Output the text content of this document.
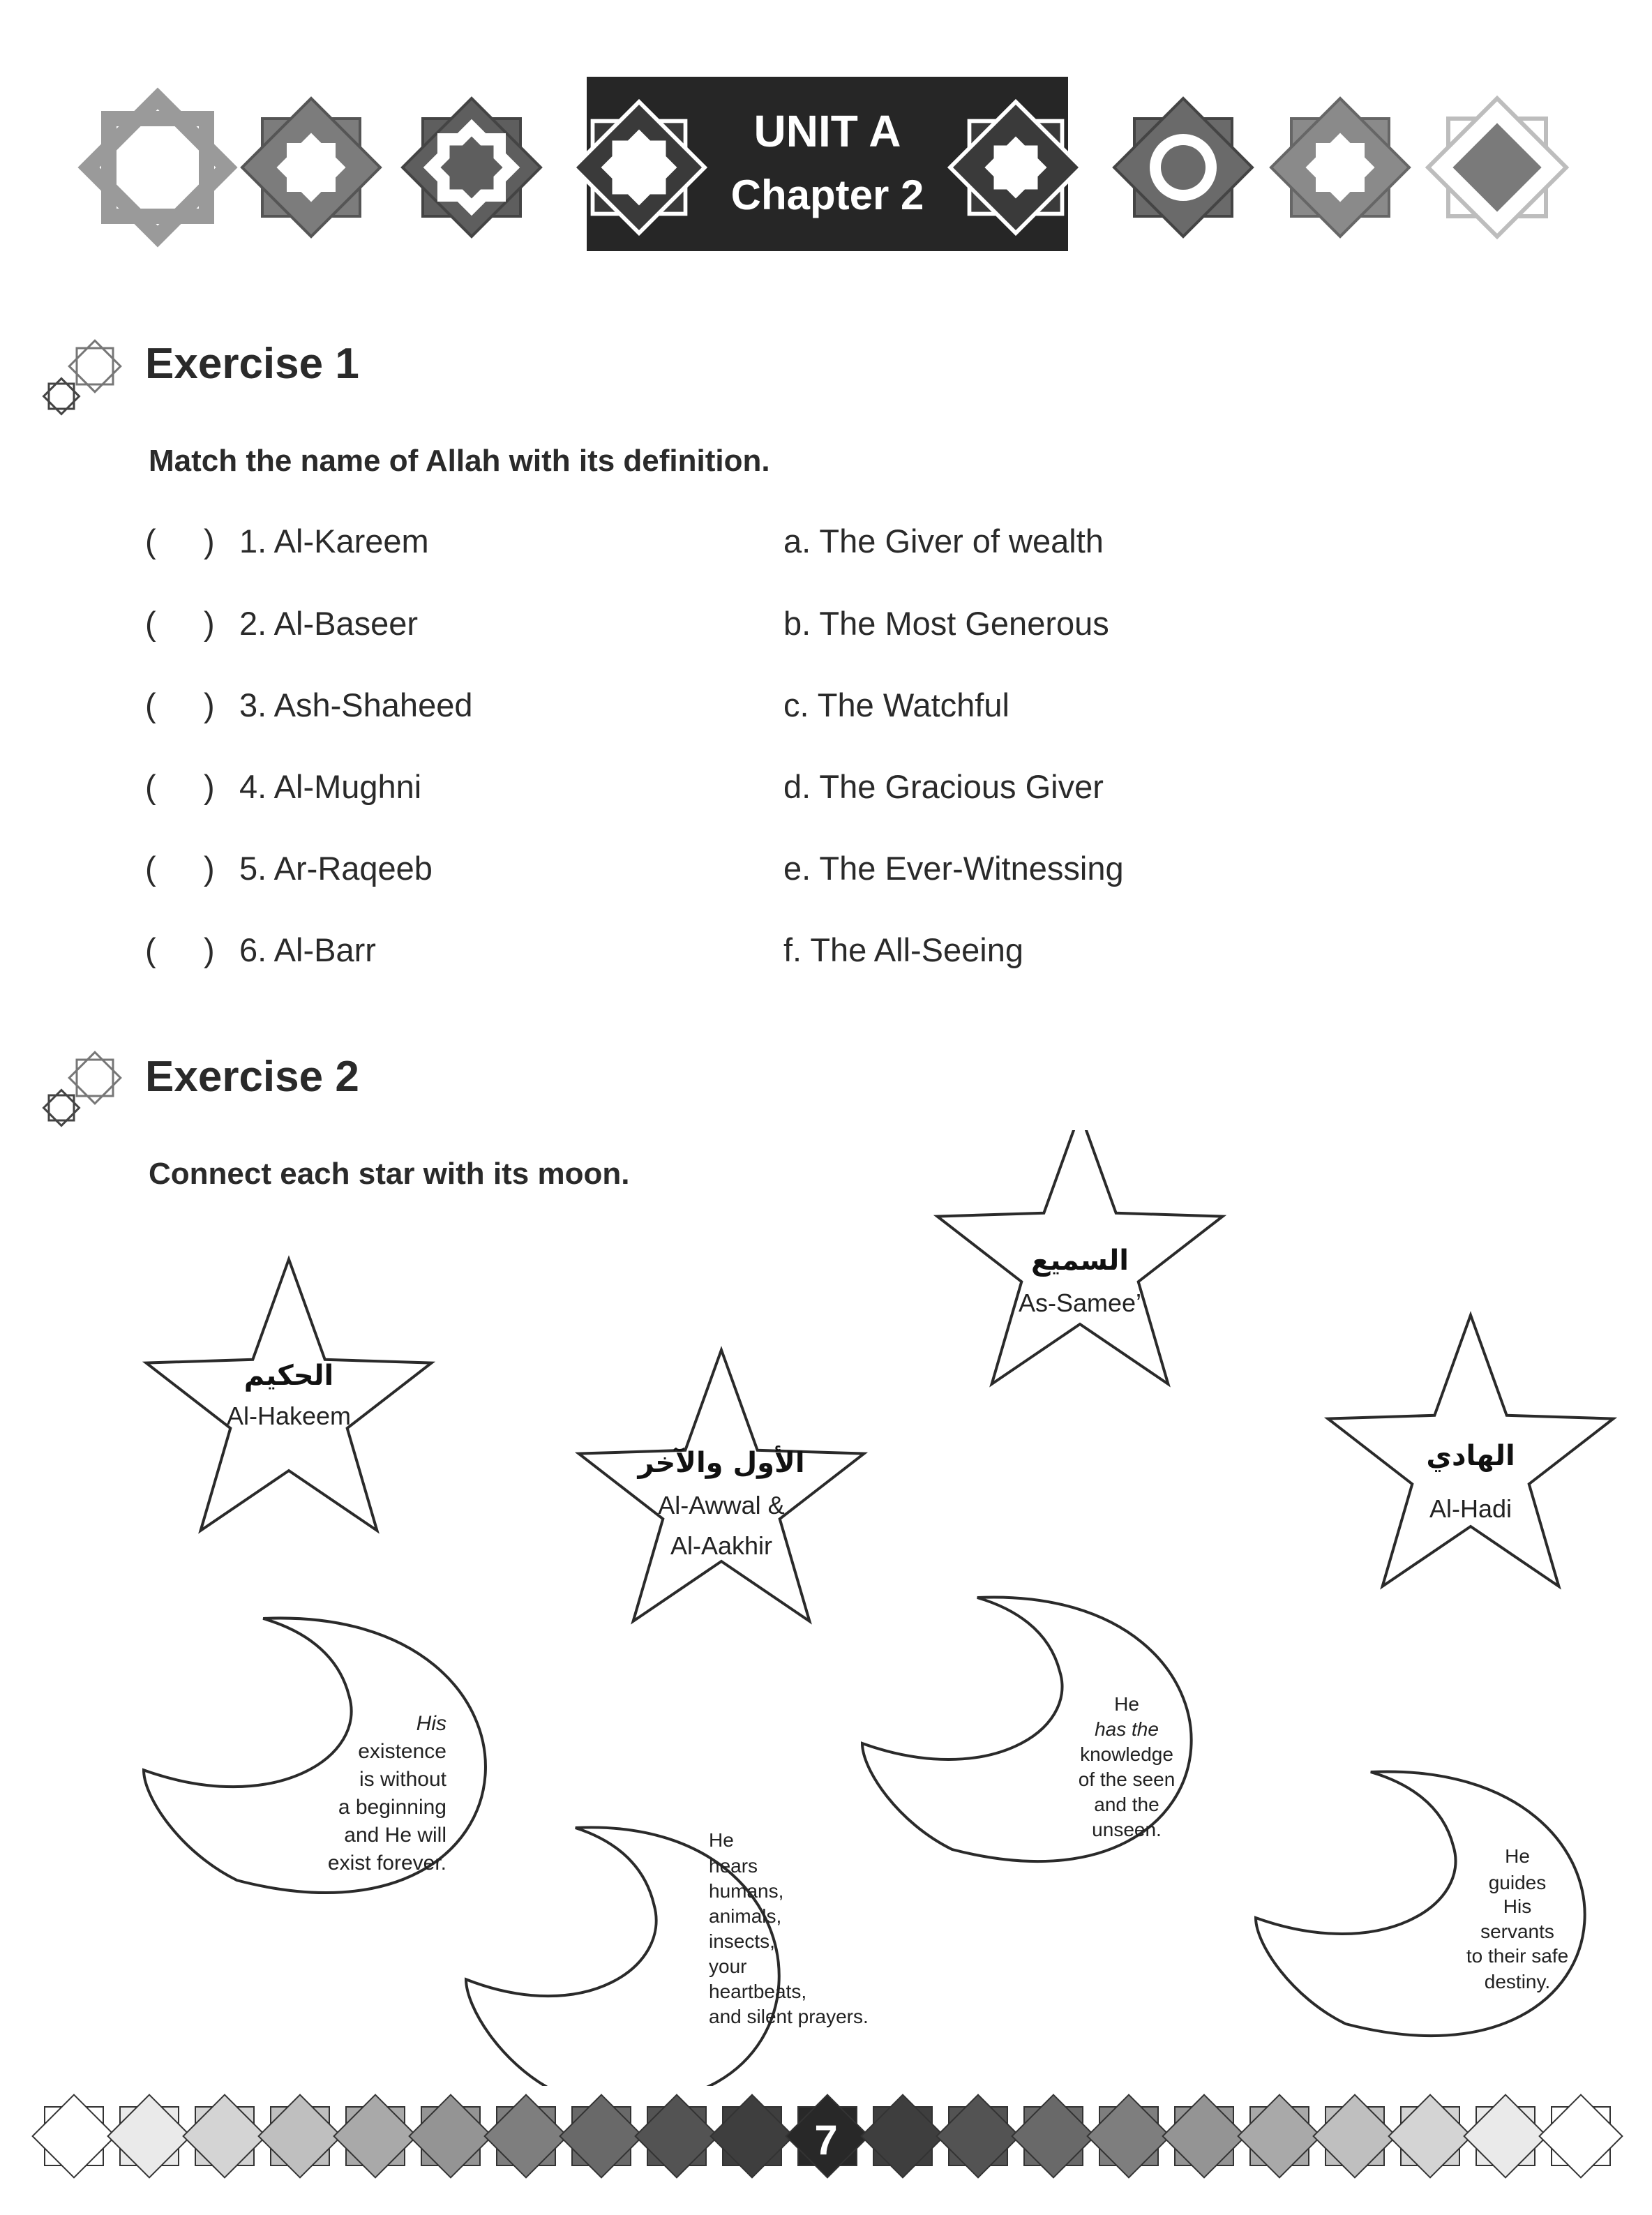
UNIT A
Chapter 2
Exercise 1
Match the name of Allah with its definition.
( ) 1. Al-Kareem	a. The Giver of wealth
( ) 2. Al-Baseer	b. The Most Generous
( ) 3. Ash-Shaheed	c. The Watchful
( ) 4. Al-Mughni	d. The Gracious Giver
( ) 5. Ar-Raqeeb	e. The Ever-Witnessing
( ) 6. Al-Barr	f. The All-Seeing
Exercise 2
Connect each star with its moon.
الحكيم
Al-Hakeem
الأول والآخر
Al-Awwal &
Al-Aakhir
السميع
As-Samee’
الهادي
Al-Hadi
His
existence
is without
a beginning
and He will
exist forever.
He
hears
humans,
animals,
insects,
your
heartbeats,
and silent prayers.
He
has the
knowledge
of the seen
and the
unseen.
He
guides
His
servants
to their safe
destiny.
7
